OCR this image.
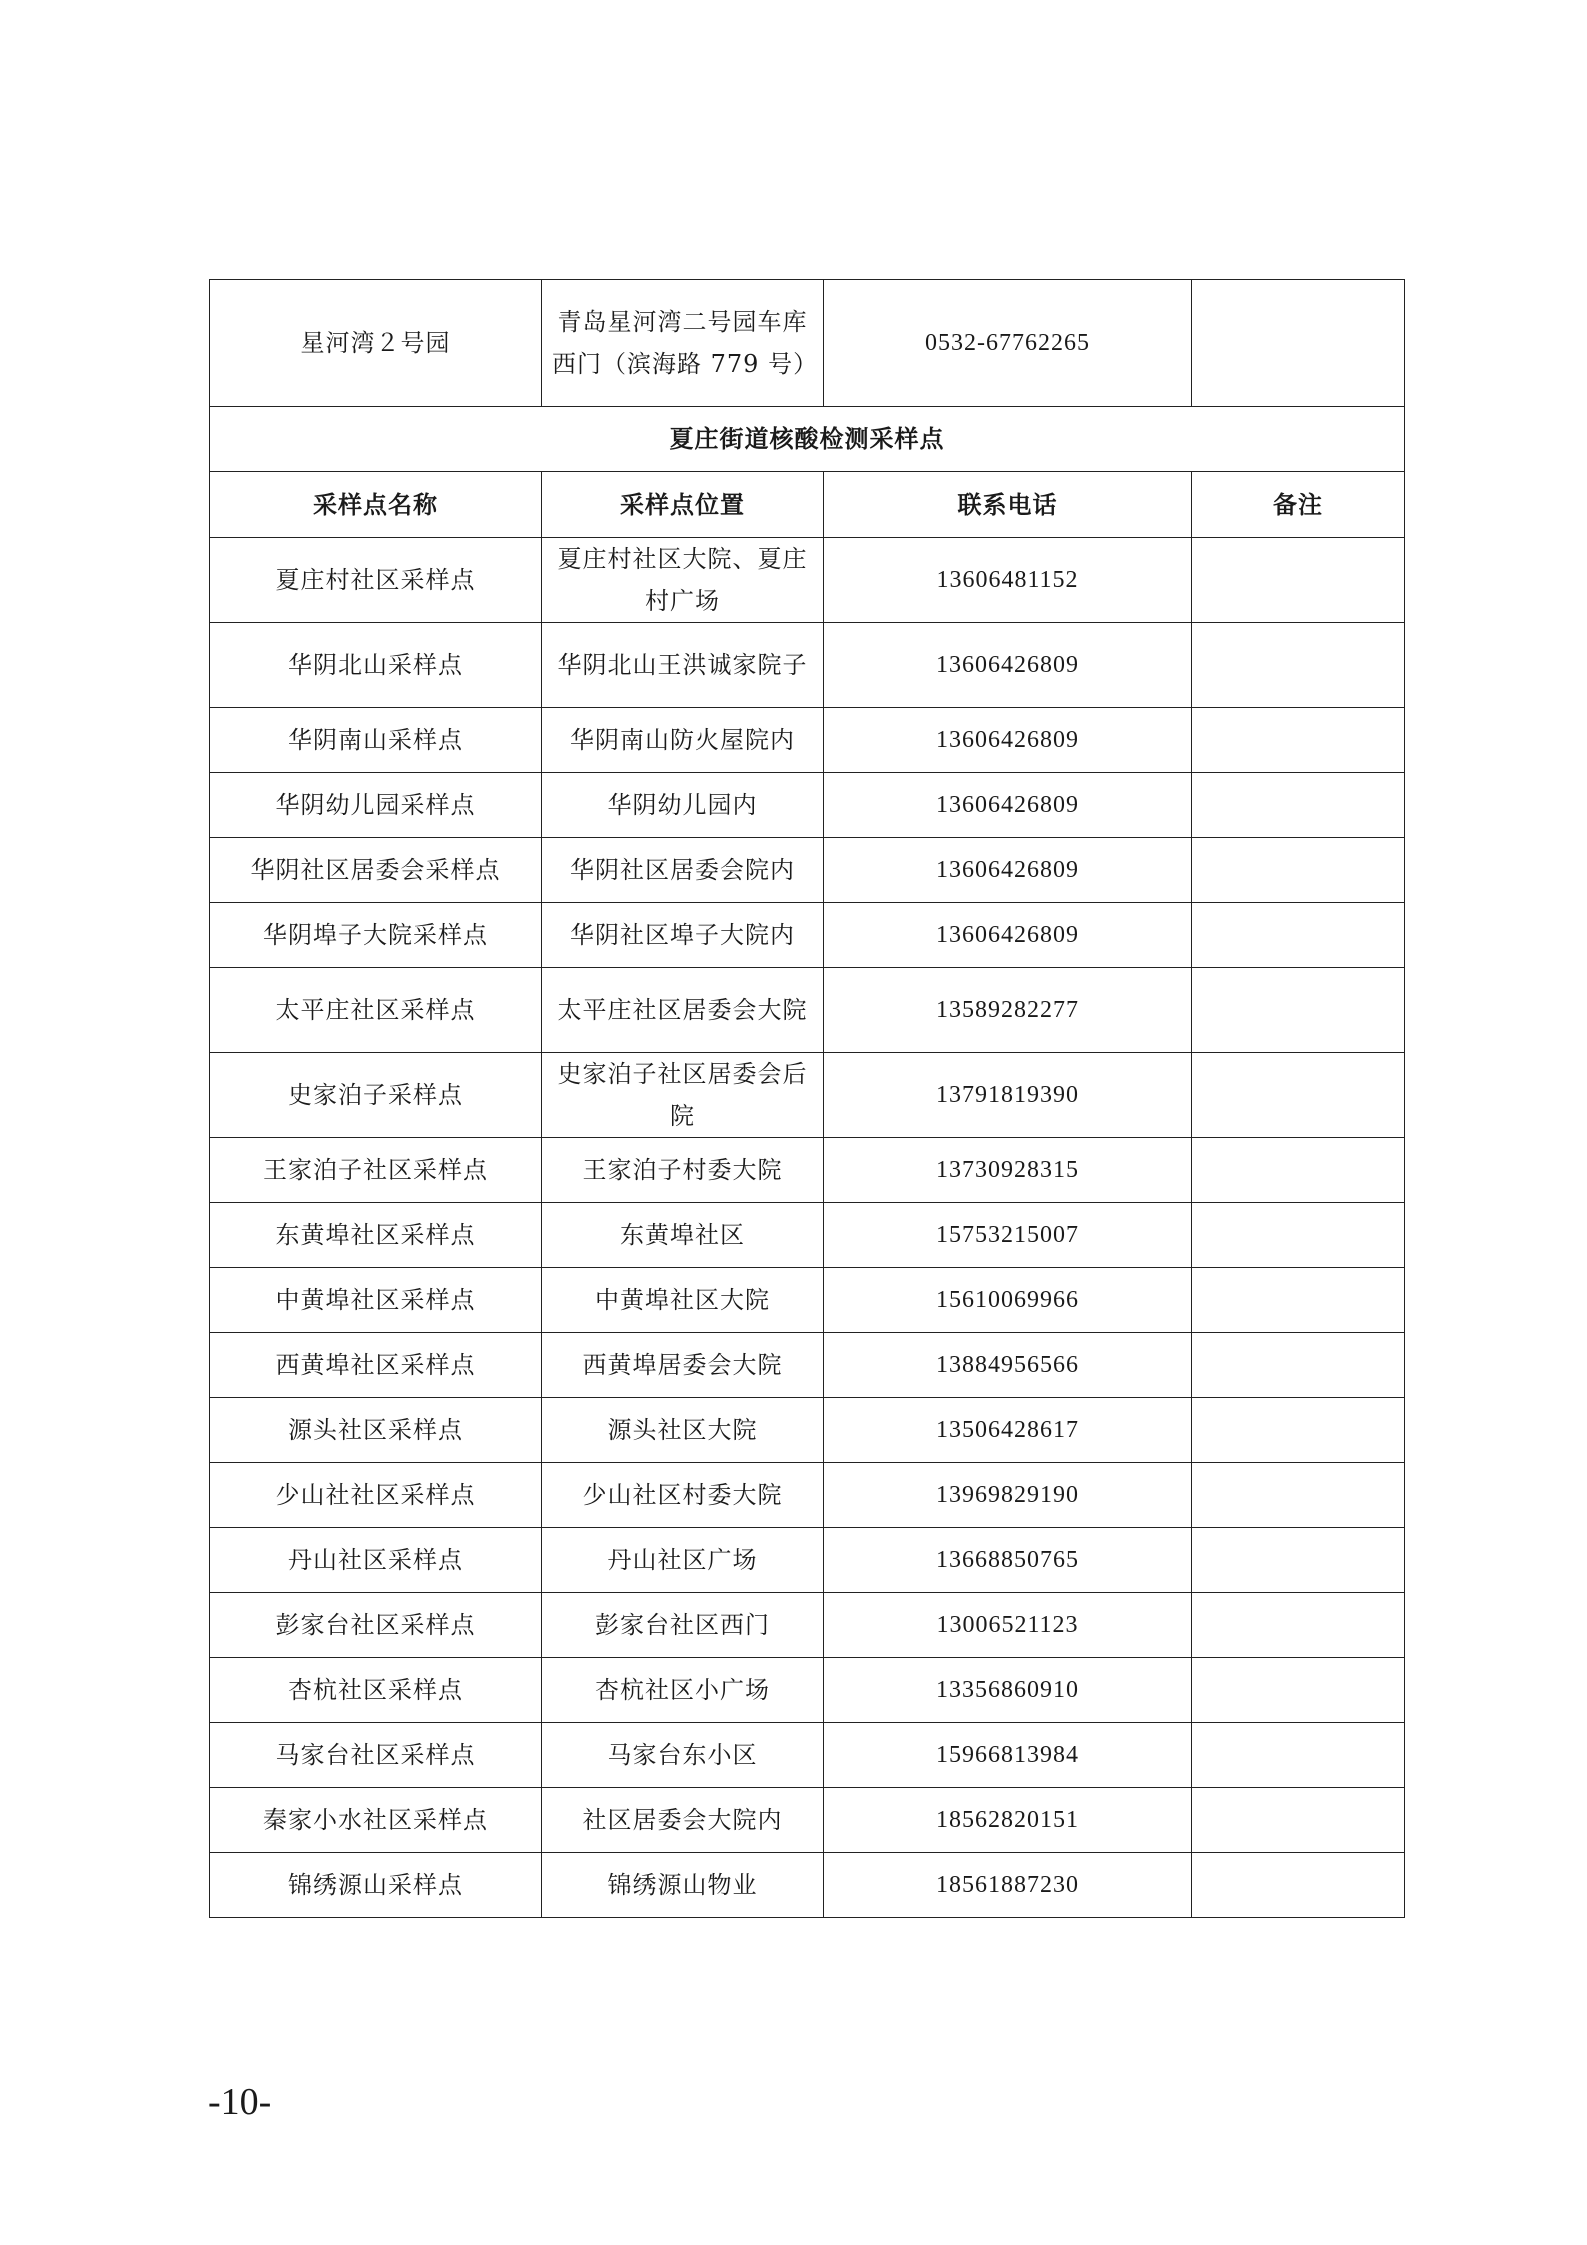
星河湾２号园	青岛星河湾二号园车库西门（滨海路 779 号）	0532-67762265	
夏庄街道核酸检测采样点			
采样点名称	采样点位置	联系电话	备注
夏庄村社区采样点	夏庄村社区大院、夏庄村广场	13606481152	
华阴北山采样点	华阴北山王洪诚家院子	13606426809	
华阴南山采样点	华阴南山防火屋院内	13606426809	
华阴幼儿园采样点	华阴幼儿园内	13606426809	
华阴社区居委会采样点	华阴社区居委会院内	13606426809	
华阴埠子大院采样点	华阴社区埠子大院内	13606426809	
太平庄社区采样点	太平庄社区居委会大院	13589282277	
史家泊子采样点	史家泊子社区居委会后院	13791819390	
王家泊子社区采样点	王家泊子村委大院	13730928315	
东黄埠社区采样点	东黄埠社区	15753215007	
中黄埠社区采样点	中黄埠社区大院	15610069966	
西黄埠社区采样点	西黄埠居委会大院	13884956566	
源头社区采样点	源头社区大院	13506428617	
少山社社区采样点	少山社区村委大院	13969829190	
丹山社区采样点	丹山社区广场	13668850765	
彭家台社区采样点	彭家台社区西门	13006521123	
杏杭社区采样点	杏杭社区小广场	13356860910	
马家台社区采样点	马家台东小区	15966813984	
秦家小水社区采样点	社区居委会大院内	18562820151	
锦绣源山采样点	锦绣源山物业	18561887230	
-10-
